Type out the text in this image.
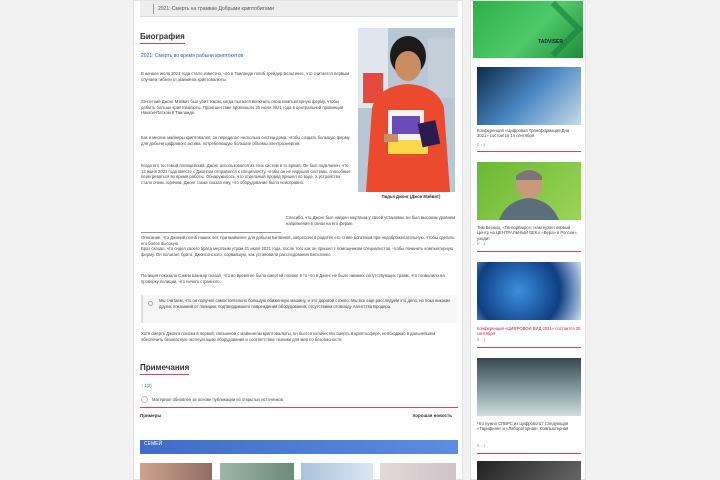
2021: Смерть на трамвае Добрыми криптобитами
Биография
2021: Смерть во время рабыни криптокетов
В начале июля 2021 года стало известно, что в Таиланде погиб трейдер Бельтинес, что считается первым случаем гибели от майнинга криптовалюты.
29-летний Джонг Мэйвит был убит током, когда пытался включить свою компьютерную ферму, чтобы добыть больше криптовалюты. Происшествие произошло 25 июля 2021 года в центральной провинции Накхон-Патхом в Таиланде.
Как и многие майнеры криптовалют, он переделал несколько систем дома, чтобы создать большую ферму для добычи цифрового актива, потребляющую большие объемы электроэнергии.
Когда его тестовый полицейский, Джонг использовался из этих систем в то время. Он был подключен, что 12 июня 2021 года вместе с Джонгом отправился к специалисту, чтобы он не нарушал системы, способные перегреваться во время работы. Обнаружилось, что отдельный провод пришел по воде, а устройство стало очень горячим. Джонг также сказал ему, что оборудование было неисправно.
Пидья Джонг (Джон Мэйвит)
Спасибо, что Джонг был найден мертвым у своей установки, он был высоким уровнем напряжения в связи на его ферме.
Описание, что Джоний погиб наших лет, при майнинге для добычи Битвинов, запрессии в родител его стине богатным при недоброжелательную, чтобы сделать его более высокую.
Брат сказал, что сидел своего брата мертвым утром 21 июля 2021 года, после того как он пришел с помощником специалистов, чтобы починить компьютерную ферму. Он полагает брата, Джонсонского, сорвавшую, как установили расследования Бельтинес.
Полиция показала Сэмни Шанкар сказал, что во время не было смертей похоже в то что в Джонг не было никаких сопутствующих травм, что позволило на проверку полиции, что ничего странного.
Мы считаем, что он получил самостоятельно большую обиженную машину, и это дорогой стоило. Мы все еще расследуем это дело, но пока никаких других показаний от полиции, подтвердившего повреждения оборудования, отсутствием отовсюду Агентства Бродера.
Хотя смерть Джонга похожа в первой, связанной с майнингом криптовалюты, он бьется количество смерть в криптосфере, необходимо в дальнейшем обеспечить безопасную эксплуатацию оборудования и соответствие техники для мер по безопасности.
Примечания
↑ 1(2)
Материал обновлен за основе публикации из открытых источников
Примеры	Хорошая новость
СЕМЕЙ
TADVISER
Конференция «Цифровая Трансформация Дна 2021» состоится 14 сентября
0 ◦ 1
Тим Весниц, «ТензорБюро»: Нам нужен первый Центр на ЦЕНТРАЛЬНЫЙ ВЕК к «Вера» в России», уходит
0 ◦ 1
Конференция «ЦИФРОВОЙ ВИД 2021» состоится 30 сентября
0 ◦ 1
Что нужно СПВРС из Цифрового? Следующая «Тарифная» и «Лабораторная» Компьютерная
0 ◦ 1
